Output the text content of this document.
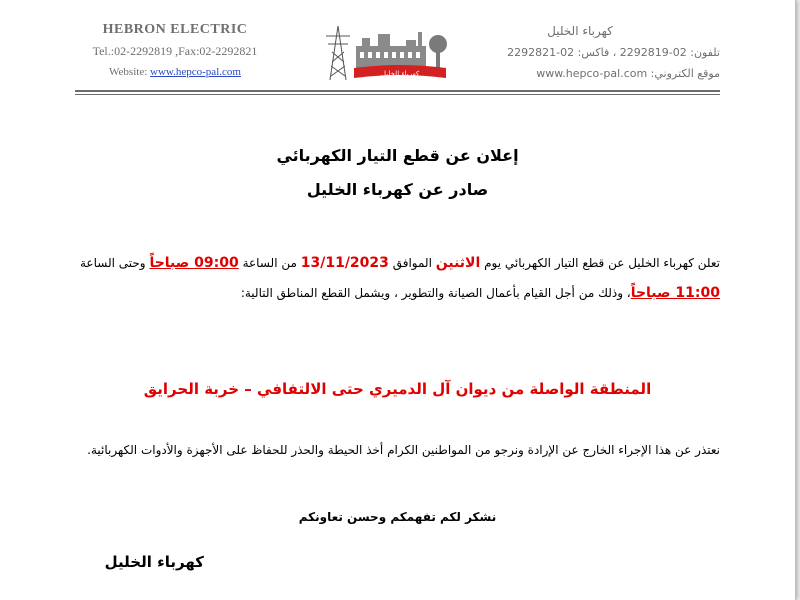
HEBRON ELECTRIC
Tel.:02-2292819 ,Fax:02-2292821
Website: www.hepco-pal.com	كهرباء الخليل
كهرباء الخليل
تلفون: 02-2292819 ، فاكس: 02-2292821
موقع الكتروني: www.hepco-pal.com
إعلان عن قطع التيار الكهربائي
صادر عن كهرباء الخليل
تعلن كهرباء الخليل عن قطع التيار الكهربائي يوم الاثنين الموافق 13/11/2023 من الساعة 09:00 صباحاً وحتى الساعة 11:00 صباحاً، وذلك من أجل القيام بأعمال الصيانة والتطوير ، ويشمل القطع المناطق التالية:
المنطقة الواصلة من ديوان آل الدميري حتى الالتفافي – خربة الحرايق
نعتذر عن هذا الإجراء الخارج عن الإرادة ونرجو من المواطنين الكرام أخذ الحيطة والحذر للحفاظ على الأجهزة والأدوات الكهربائية.
نشكر لكم تفهمكم وحسن تعاونكم
كهرباء الخليل
